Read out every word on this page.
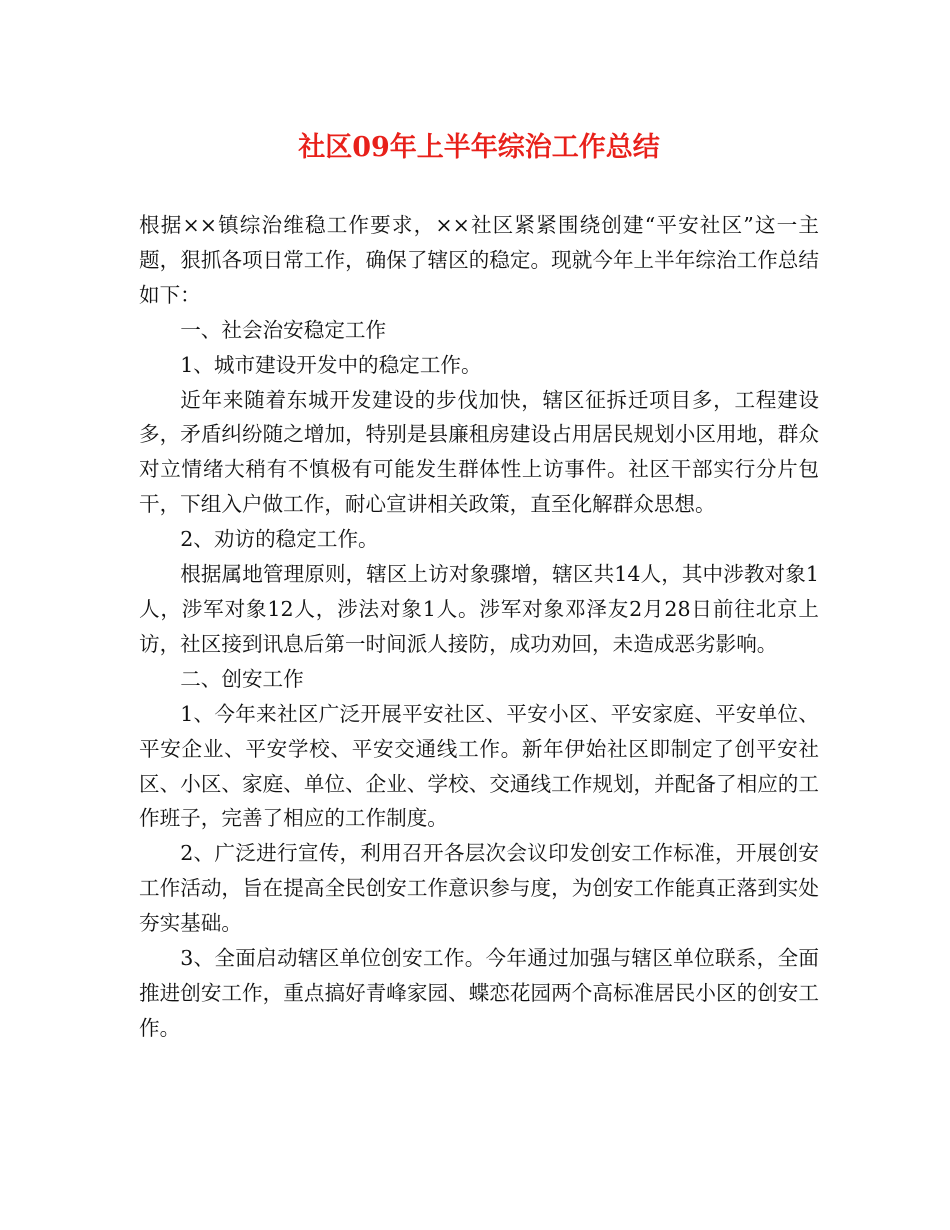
社区09年上半年综治工作总结

根据××镇综治维稳工作要求，××社区紧紧围绕创建“平安社区”这一主题，狠抓各项日常工作，确保了辖区的稳定。现就今年上半年综治工作总结如下：

一、社会治安稳定工作

1、城市建设开发中的稳定工作。

近年来随着东城开发建设的步伐加快，辖区征拆迁项目多，工程建设多，矛盾纠纷随之增加，特别是县廉租房建设占用居民规划小区用地，群众对立情绪大稍有不慎极有可能发生群体性上访事件。社区干部实行分片包干，下组入户做工作，耐心宣讲相关政策，直至化解群众思想。

2、劝访的稳定工作。

根据属地管理原则，辖区上访对象骤增，辖区共14人，其中涉教对象1人，涉军对象12人，涉法对象1人。涉军对象邓泽友2月28日前往北京上访，社区接到讯息后第一时间派人接防，成功劝回，未造成恶劣影响。

二、创安工作

1、今年来社区广泛开展平安社区、平安小区、平安家庭、平安单位、平安企业、平安学校、平安交通线工作。新年伊始社区即制定了创平安社区、小区、家庭、单位、企业、学校、交通线工作规划，并配备了相应的工作班子，完善了相应的工作制度。

2、广泛进行宣传，利用召开各层次会议印发创安工作标准，开展创安工作活动，旨在提高全民创安工作意识参与度，为创安工作能真正落到实处夯实基础。

3、全面启动辖区单位创安工作。今年通过加强与辖区单位联系，全面推进创安工作，重点搞好青峰家园、蝶恋花园两个高标准居民小区的创安工作。
